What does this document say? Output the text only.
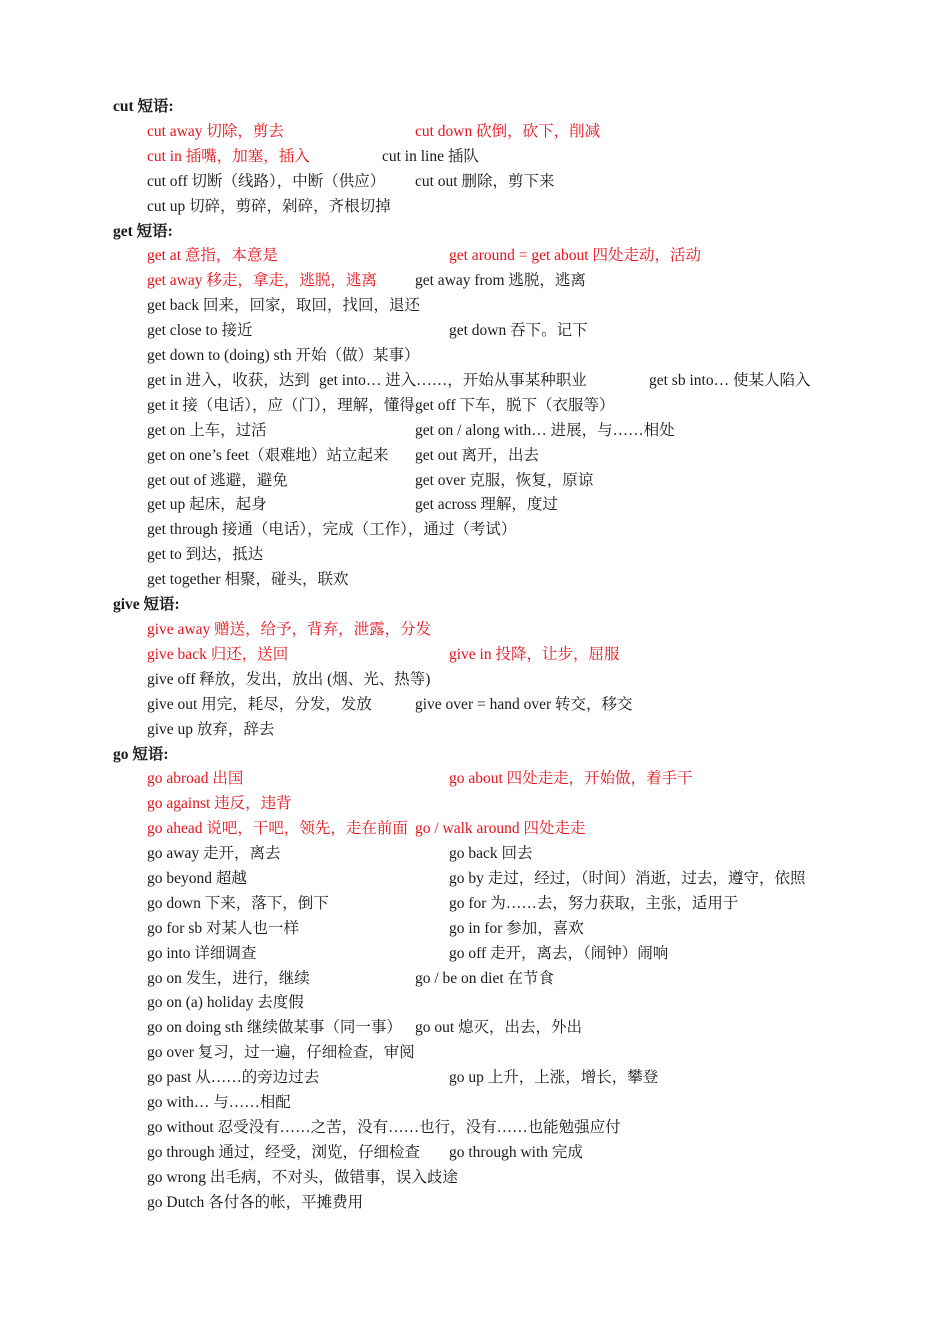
cut 短语:
cut away 切除，剪去	cut down 砍倒，砍下，削减
cut in 插嘴，加塞，插入	cut in line 插队
cut off 切断（线路），中断（供应） cut out 删除，剪下来
cut up 切碎，剪碎，剁碎，齐根切掉
get 短语:
get at 意指，本意是	get around = get about 四处走动，活动
get away 移走，拿走，逃脱，逃离 get away from 逃脱，逃离
get back 回来，回家，取回，找回，退还
get close to 接近	get down 吞下。记下
get down to (doing) sth 开始（做）某事）
get in 进入，收获，达到 get into… 进入……，开始从事某种职业	get sb into… 使某人陷入
get it 接（电话），应（门），理解，懂得 get off 下车，脱下（衣服等）
get on 上车，过活	get on / along with… 进展，与……相处
get on one’s feet（艰难地）站立起来 get out 离开，出去
get out of 逃避，避免	get over 克服，恢复，原谅
get up 起床，起身	get across 理解，度过
get through 接通（电话），完成（工作），通过（考试）
get to 到达，抵达
get together 相聚，碰头，联欢
give 短语:
give away 赠送，给予，背弃，泄露，分发
give back 归还，送回	give in 投降，让步，屈服
give off 释放，发出，放出 (烟、光、热等)
give out 用完，耗尽，分发，发放	give over = hand over 转交，移交
give up 放弃，辞去
go 短语:
go abroad 出国	go about 四处走走，开始做，着手干
go against 违反，违背
go ahead 说吧，干吧，领先，走在前面 go / walk around 四处走走
go away 走开，离去	go back 回去
go beyond 超越	go by 走过，经过，（时间）消逝，过去，遵守，依照
go down 下来，落下，倒下	go for 为……去，努力获取，主张，适用于
go for sb 对某人也一样	go in for 参加，喜欢
go into 详细调查	go off 走开，离去，（闹钟）闹响
go on 发生，进行，继续	go / be on diet 在节食
go on (a) holiday 去度假
go on doing sth 继续做某事（同一事） go out 熄灭，出去，外出
go over 复习，过一遍，仔细检查，审阅
go past 从……的旁边过去	go up 上升，上涨，增长，攀登
go with… 与……相配
go without 忍受没有……之苦，没有……也行，没有……也能勉强应付
go through 通过，经受，浏览，仔细检查 go through with 完成
go wrong 出毛病，不对头，做错事，误入歧途
go Dutch 各付各的帐，平摊费用
